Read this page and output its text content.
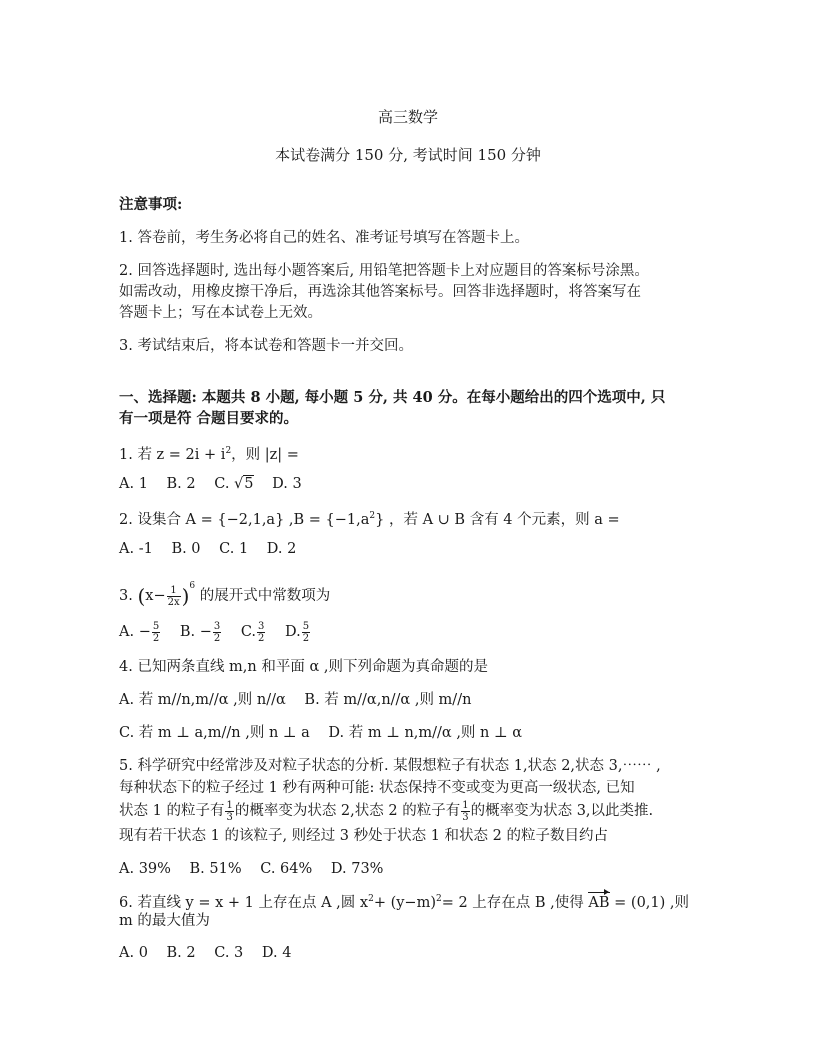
高三数学
本试卷满分 150 分, 考试时间 150 分钟
注意事项:
1. 答卷前，考生务必将自己的姓名、准考证号填写在答题卡上。
2. 回答选择题时, 选出每小题答案后, 用铅笔把答题卡上对应题目的答案标号涂黑。
如需改动，用橡皮擦干净后，再选涂其他答案标号。回答非选择题时，将答案写在
答题卡上；写在本试卷上无效。
3. 考试结束后，将本试卷和答题卡一并交回。
一、选择题: 本题共 8 小题, 每小题 5 分, 共 40 分。在每小题给出的四个选项中, 只
有一项是符 合题目要求的。
1. 若 $z = 2i + i^2$，则 |z| =
A. 1 B. 2 C. √5 D. 3
2. 设集合 A = {−2,1,a} $,B = \{-1,a^2\}$ ，若 A ∪ B 含有 4 个元素，则 a =
A. -1 B. 0 C. 1 D. 2
3. $(x- \frac{1}{2x} )^6$ 的展开式中常数项为
A. − $\frac{5}{2} B$. − $\frac{3}{2} C$. $\frac{3}{2} D$. $\frac{5}{2}$
4. 已知两条直线 m,n 和平面 α ,则下列命题为真命题的是
A. 若 m//n,m//α ,则 n//α B. 若 m//α,n//α ,则 m//n
C. 若 m ⊥ a,m//n ,则 n ⊥ a D. 若 m ⊥ n,m//α ,则 n ⊥ α
5. 科学研究中经常涉及对粒子状态的分析. 某假想粒子有状态 1,状态 2,状态 3,⋯⋯ ,
每种状态下的粒子经过 1 秒有两种可能: 状态保持不变或变为更高一级状态, 已知
状态 1 的粒子有 $\frac{1}{3}$ 的概率变为状态 2,状态 2 的粒子有 $\frac{1}{3}$ 的概率变为状态 3,以此类推.
现有若干状态 1 的该粒子, 则经过 3 秒处于状态 1 和状态 2 的粒子数目约占
A. 39% B. 51% C. 64% D. 73%
6. 若直线 y = x + 1 上存在点 A ,圆 $x^2+ (y-m)^2= 2$ 上存在点 B ,使得 AB = (0,1) ,则
m 的最大值为
A. 0 B. 2 C. 3 D. 4
